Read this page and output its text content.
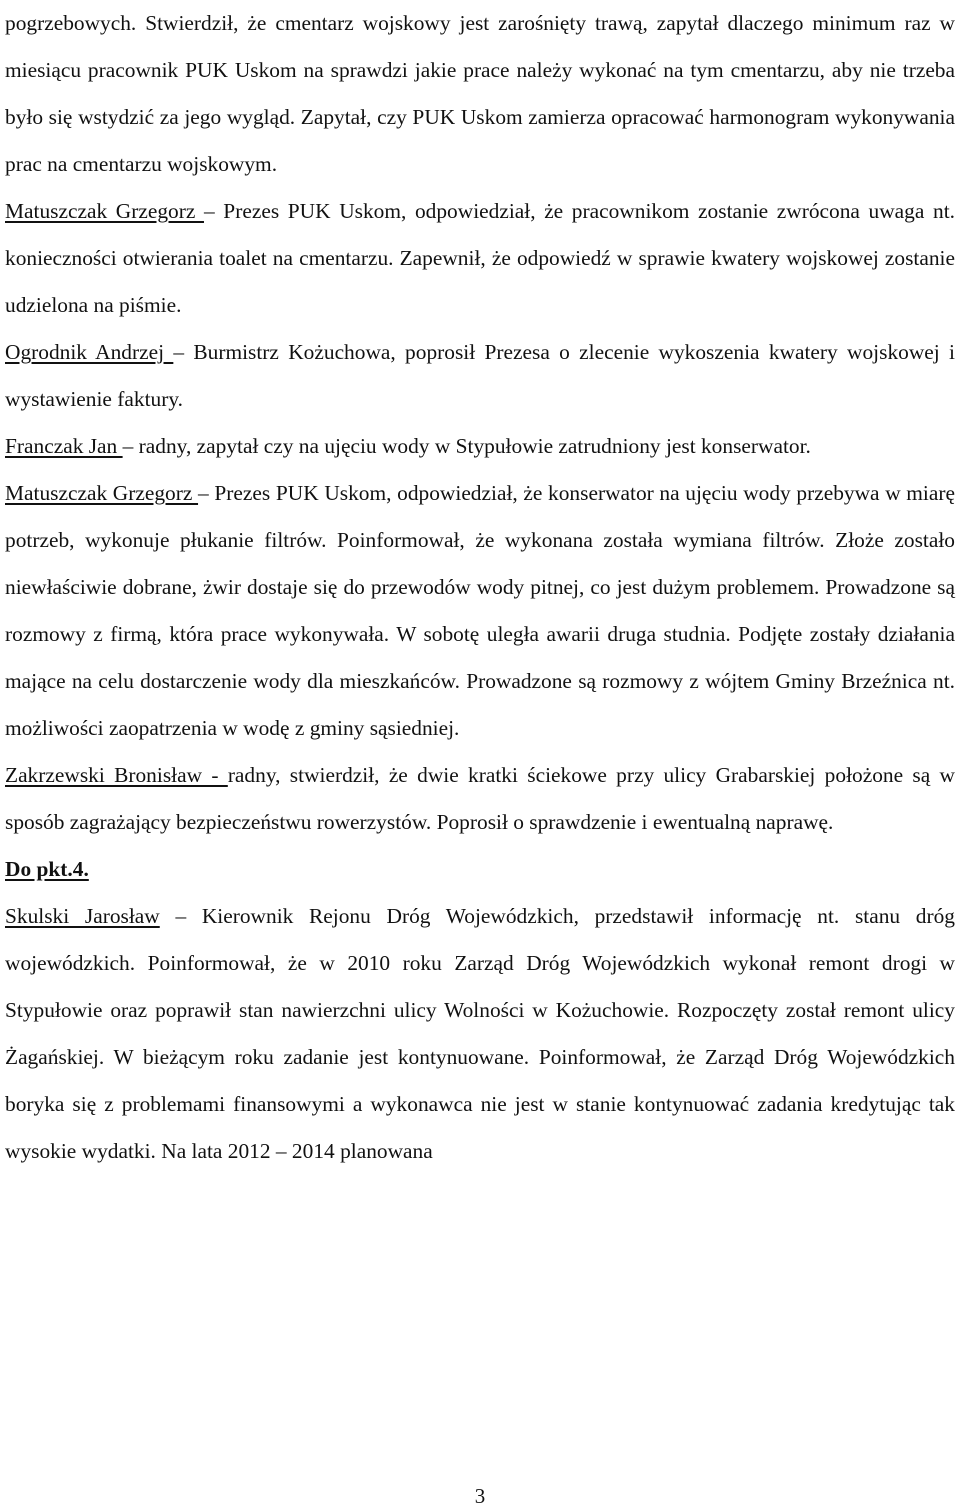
pogrzebowych. Stwierdził, że cmentarz wojskowy jest zarośnięty trawą, zapytał dlaczego minimum raz w miesiącu pracownik PUK Uskom na sprawdzi jakie prace należy wykonać na tym cmentarzu, aby nie trzeba było się wstydzić za jego wygląd. Zapytał, czy PUK Uskom zamierza opracować harmonogram wykonywania prac na cmentarzu wojskowym.

Matuszczak Grzegorz – Prezes PUK Uskom, odpowiedział, że pracownikom zostanie zwrócona uwaga nt. konieczności otwierania toalet na cmentarzu. Zapewnił, że odpowiedź w sprawie kwatery wojskowej zostanie udzielona na piśmie.

Ogrodnik Andrzej – Burmistrz Kożuchowa, poprosił Prezesa o zlecenie wykoszenia kwatery wojskowej i wystawienie faktury.

Franczak Jan – radny, zapytał czy na ujęciu wody w Stypułowie zatrudniony jest konserwator.

Matuszczak Grzegorz – Prezes PUK Uskom, odpowiedział, że konserwator na ujęciu wody przebywa w miarę potrzeb, wykonuje płukanie filtrów. Poinformował, że wykonana została wymiana filtrów. Złoże zostało niewłaściwie dobrane, żwir dostaje się do przewodów wody pitnej, co jest dużym problemem. Prowadzone są rozmowy z firmą, która prace wykonywała. W sobotę uległa awarii druga studnia. Podjęte zostały działania mające na celu dostarczenie wody dla mieszkańców. Prowadzone są rozmowy z wójtem Gminy Brzeźnica nt. możliwości zaopatrzenia w wodę z gminy sąsiedniej.

Zakrzewski Bronisław - radny, stwierdził, że dwie kratki ściekowe przy ulicy Grabarskiej położone są w sposób zagrażający bezpieczeństwu rowerzystów. Poprosił o sprawdzenie i ewentualną naprawę.

Do pkt.4.

Skulski Jarosław – Kierownik Rejonu Dróg Wojewódzkich, przedstawił informację nt. stanu dróg wojewódzkich. Poinformował, że w 2010 roku Zarząd Dróg Wojewódzkich wykonał remont drogi w Stypułowie oraz poprawił stan nawierzchni ulicy Wolności w Kożuchowie. Rozpoczęty został remont ulicy Żagańskiej. W bieżącym roku zadanie jest kontynuowane. Poinformował, że Zarząd Dróg Wojewódzkich boryka się z problemami finansowymi a wykonawca nie jest w stanie kontynuować zadania kredytując tak wysokie wydatki. Na lata 2012 – 2014 planowana

3
